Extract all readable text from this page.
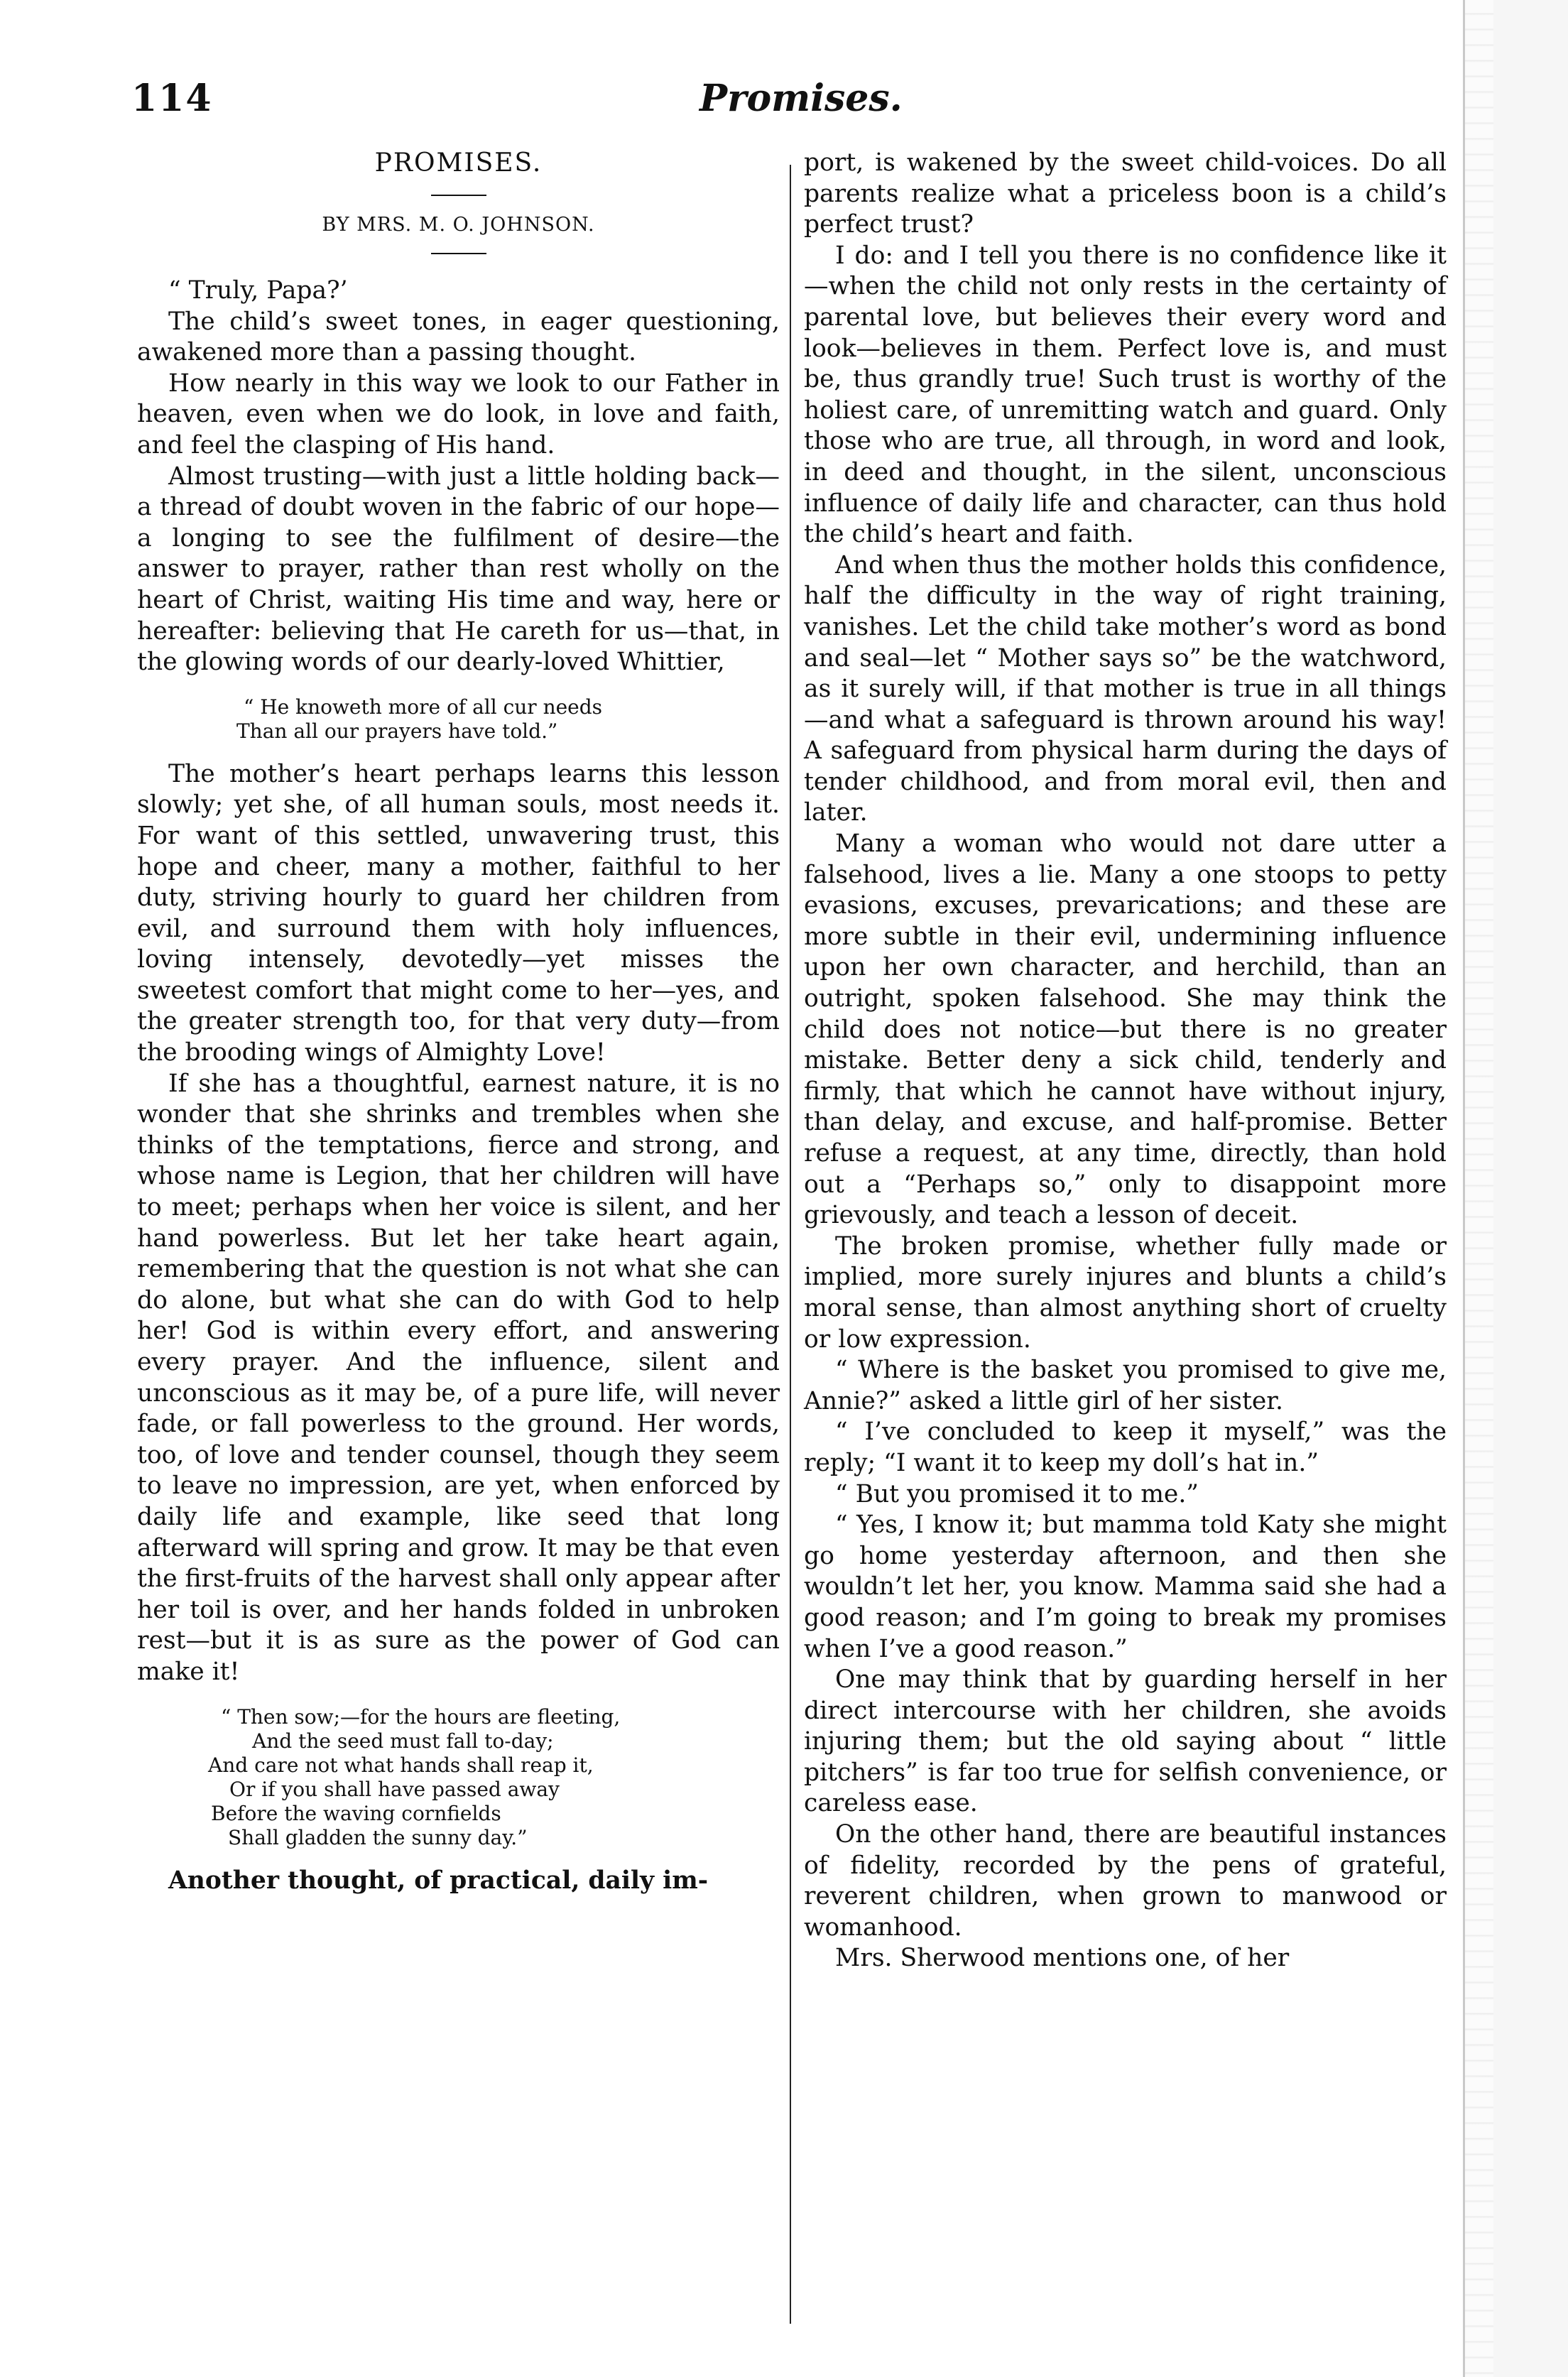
114	Promises.

PROMISES.

BY MRS. M. O. JOHNSON.

“ Truly, Papa?’

The child’s sweet tones, in eager questioning, awakened more than a passing thought.

How nearly in this way we look to our Father in heaven, even when we do look, in love and faith, and feel the clasping of His hand.

Almost trusting—with just a little holding back—a thread of doubt woven in the fabric of our hope—a longing to see the fulfilment of desire—the answer to prayer, rather than rest wholly on the heart of Christ, waiting His time and way, here or hereafter: believing that He careth for us—that, in the glowing words of our dearly-loved Whittier,

“ He knoweth more of all cur needs
Than all our prayers have told.”

The mother’s heart perhaps learns this lesson slowly; yet she, of all human souls, most needs it. For want of this settled, unwavering trust, this hope and cheer, many a mother, faithful to her duty, striving hourly to guard her children from evil, and surround them with holy influences, loving intensely, devotedly—yet misses the sweetest comfort that might come to her—yes, and the greater strength too, for that very duty—from the brooding wings of Almighty Love!

If she has a thoughtful, earnest nature, it is no wonder that she shrinks and trembles when she thinks of the temptations, fierce and strong, and whose name is Legion, that her children will have to meet; perhaps when her voice is silent, and her hand powerless. But let her take heart again, remembering that the question is not what she can do alone, but what she can do with God to help her! God is within every effort, and answering every prayer. And the influence, silent and unconscious as it may be, of a pure life, will never fade, or fall powerless to the ground. Her words, too, of love and tender counsel, though they seem to leave no impression, are yet, when enforced by daily life and example, like seed that long afterward will spring and grow. It may be that even the first-fruits of the harvest shall only appear after her toil is over, and her hands folded in unbroken rest—but it is as sure as the power of God can make it!

“ Then sow;—for the hours are fleeting,
And the seed must fall to-day;
And care not what hands shall reap it,
Or if you shall have passed away
Before the waving cornfields
Shall gladden the sunny day.”

Another thought, of practical, daily im-

port, is wakened by the sweet child-voices. Do all parents realize what a priceless boon is a child’s perfect trust?

I do: and I tell you there is no confidence like it—when the child not only rests in the certainty of parental love, but believes their every word and look—believes in them. Perfect love is, and must be, thus grandly true! Such trust is worthy of the holiest care, of unremitting watch and guard. Only those who are true, all through, in word and look, in deed and thought, in the silent, unconscious influence of daily life and character, can thus hold the child’s heart and faith.

And when thus the mother holds this confidence, half the difficulty in the way of right training, vanishes. Let the child take mother’s word as bond and seal—let “ Mother says so” be the watchword, as it surely will, if that mother is true in all things—and what a safeguard is thrown around his way! A safeguard from physical harm during the days of tender childhood, and from moral evil, then and later.

Many a woman who would not dare utter a falsehood, lives a lie. Many a one stoops to petty evasions, excuses, prevarications; and these are more subtle in their evil, undermining influence upon her own character, and herchild, than an outright, spoken falsehood. She may think the child does not notice—but there is no greater mistake. Better deny a sick child, tenderly and firmly, that which he cannot have without injury, than delay, and excuse, and half-promise. Better refuse a request, at any time, directly, than hold out a “Perhaps so,” only to disappoint more grievously, and teach a lesson of deceit.

The broken promise, whether fully made or implied, more surely injures and blunts a child’s moral sense, than almost anything short of cruelty or low expression.

“ Where is the basket you promised to give me, Annie?” asked a little girl of her sister.

“ I’ve concluded to keep it myself,” was the reply; “I want it to keep my doll’s hat in.”

“ But you promised it to me.”

“ Yes, I know it; but mamma told Katy she might go home yesterday afternoon, and then she wouldn’t let her, you know. Mamma said she had a good reason; and I’m going to break my promises when I’ve a good reason.”

One may think that by guarding herself in her direct intercourse with her children, she avoids injuring them; but the old saying about “ little pitchers” is far too true for selfish convenience, or careless ease.

On the other hand, there are beautiful instances of fidelity, recorded by the pens of grateful, reverent children, when grown to manwood or womanhood.

Mrs. Sherwood mentions one, of her
